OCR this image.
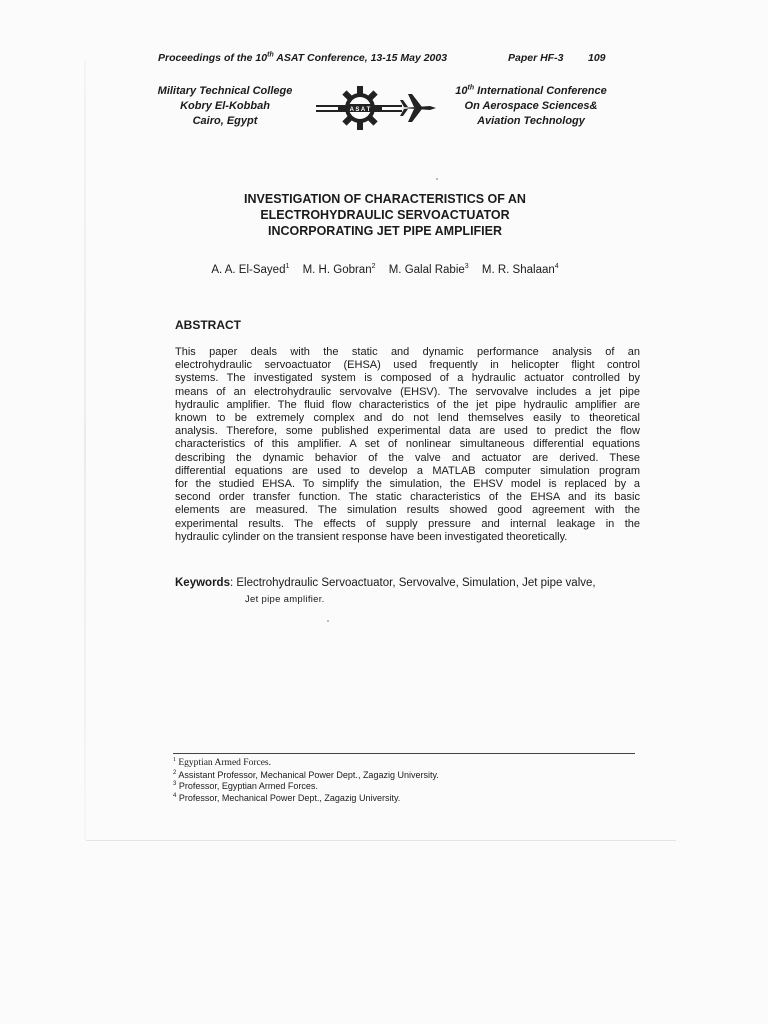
Proceedings of the 10th ASAT Conference, 13-15 May 2003	Paper HF-3 109
Military Technical College
Kobry El-Kobbah
Cairo, Egypt
A S A T
10th International Conference
On Aerospace Sciences&
Aviation Technology
INVESTIGATION OF CHARACTERISTICS OF AN
ELECTROHYDRAULIC SERVOACTUATOR
INCORPORATING JET PIPE AMPLIFIER
A. A. El-Sayed$^1$ M. H. Gobran$^2$ M. Galal Rabie$^3$ M. R. Shalaan$^4$
ABSTRACT
This paper deals with the static and dynamic performance analysis of an
electrohydraulic servoactuator (EHSA) used frequently in helicopter flight control
systems. The investigated system is composed of a hydraulic actuator controlled by
means of an electrohydraulic servovalve (EHSV). The servovalve includes a jet pipe
hydraulic amplifier. The fluid flow characteristics of the jet pipe hydraulic amplifier are
known to be extremely complex and do not lend themselves easily to theoretical
analysis. Therefore, some published experimental data are used to predict the flow
characteristics of this amplifier. A set of nonlinear simultaneous differential equations
describing the dynamic behavior of the valve and actuator are derived. These
differential equations are used to develop a MATLAB computer simulation program
for the studied EHSA. To simplify the simulation, the EHSV model is replaced by a
second order transfer function. The static characteristics of the EHSA and its basic
elements are measured. The simulation results showed good agreement with the
experimental results. The effects of supply pressure and internal leakage in the
hydraulic cylinder on the transient response have been investigated theoretically.
Keywords: Electrohydraulic Servoactuator, Servovalve, Simulation, Jet pipe valve,
Jet pipe amplifier.
$^1$ Egyptian Armed Forces.
$^2$ Assistant Professor, Mechanical Power Dept., Zagazig University.
$^3$ Professor, Egyptian Armed Forces.
$^4$ Professor, Mechanical Power Dept., Zagazig University.
